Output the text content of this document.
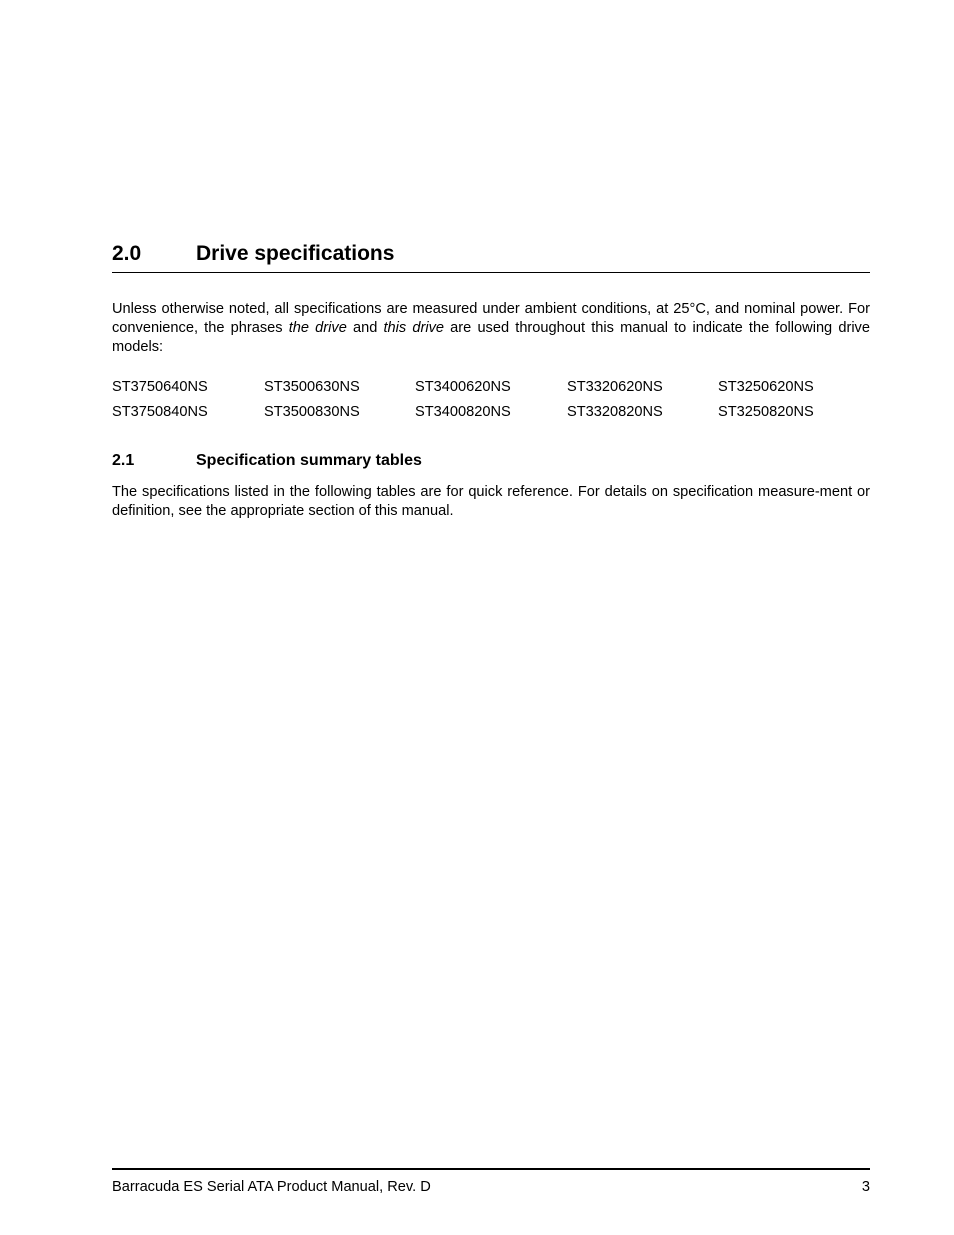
2.0	Drive specifications
Unless otherwise noted, all specifications are measured under ambient conditions, at 25°C, and nominal power. For convenience, the phrases the drive and this drive are used throughout this manual to indicate the following drive models:
ST3750640NS	ST3500630NS	ST3400620NS	ST3320620NS	ST3250620NS
ST3750840NS	ST3500830NS	ST3400820NS	ST3320820NS	ST3250820NS
2.1	Specification summary tables
The specifications listed in the following tables are for quick reference. For details on specification measure-ment or definition, see the appropriate section of this manual.
Barracuda ES Serial ATA Product Manual, Rev. D	3
